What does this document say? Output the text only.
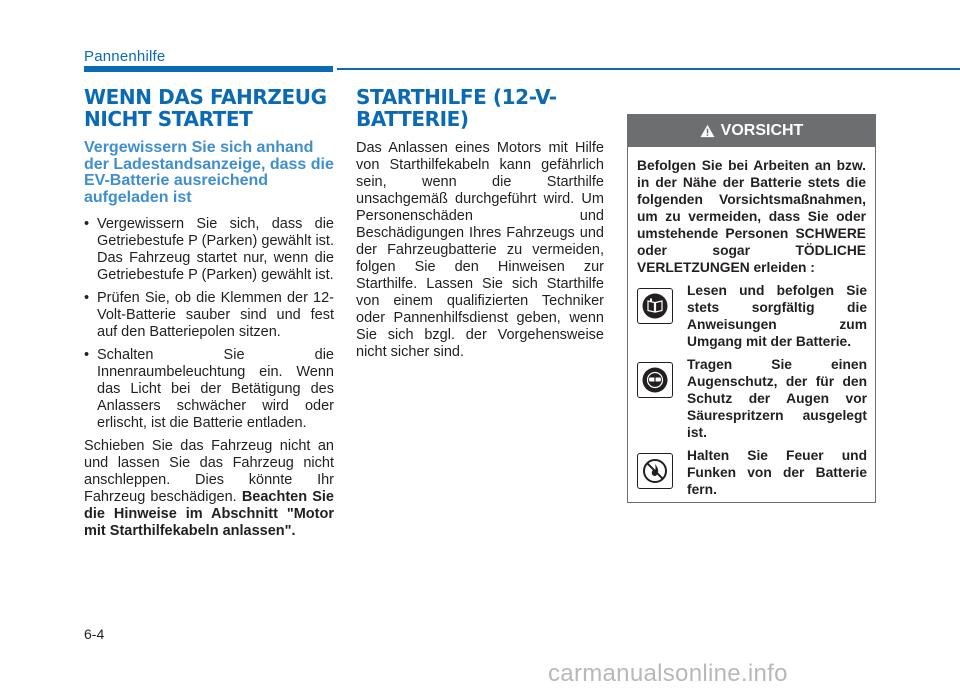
Pannenhilfe
WENN DAS FAHRZEUG NICHT STARTET
Vergewissern Sie sich anhand der Ladestandsanzeige, dass die EV-Batterie ausreichend aufgeladen ist
• Vergewissern Sie sich, dass die Getriebestufe P (Parken) gewählt ist. Das Fahrzeug startet nur, wenn die Getriebestufe P (Parken) gewählt ist.
• Prüfen Sie, ob die Klemmen der 12-Volt-Batterie sauber sind und fest auf den Batteriepolen sitzen.
• Schalten Sie die Innenraumbeleuchtung ein. Wenn das Licht bei der Betätigung des Anlassers schwächer wird oder erlischt, ist die Batterie entladen.

Schieben Sie das Fahrzeug nicht an und lassen Sie das Fahrzeug nicht anschleppen. Dies könnte Ihr Fahrzeug beschädigen. Beachten Sie die Hinweise im Abschnitt "Motor mit Starthilfekabeln anlassen".

STARTHILFE (12-V-BATTERIE)

Das Anlassen eines Motors mit Hilfe von Starthilfekabeln kann gefährlich sein, wenn die Starthilfe unsachgemäß durchgeführt wird. Um Personenschäden und Beschädigungen Ihres Fahrzeugs und der Fahrzeugbatterie zu vermeiden, folgen Sie den Hinweisen zur Starthilfe. Lassen Sie sich Starthilfe von einem qualifizierten Techniker oder Pannenhilfsdienst geben, wenn Sie sich bzgl. der Vorgehensweise nicht sicher sind.

VORSICHT
Befolgen Sie bei Arbeiten an bzw. in der Nähe der Batterie stets die folgenden Vorsichtsmaßnahmen, um zu vermeiden, dass Sie oder umstehende Personen SCHWERE oder sogar TÖDLICHE VERLETZUNGEN erleiden :
Lesen und befolgen Sie stets sorgfältig die Anweisungen zum Umgang mit der Batterie.
Tragen Sie einen Augenschutz, der für den Schutz der Augen vor Säurespritzern ausgelegt ist.
Halten Sie Feuer und Funken von der Batterie fern.
6-4
carmanualsonline.info
